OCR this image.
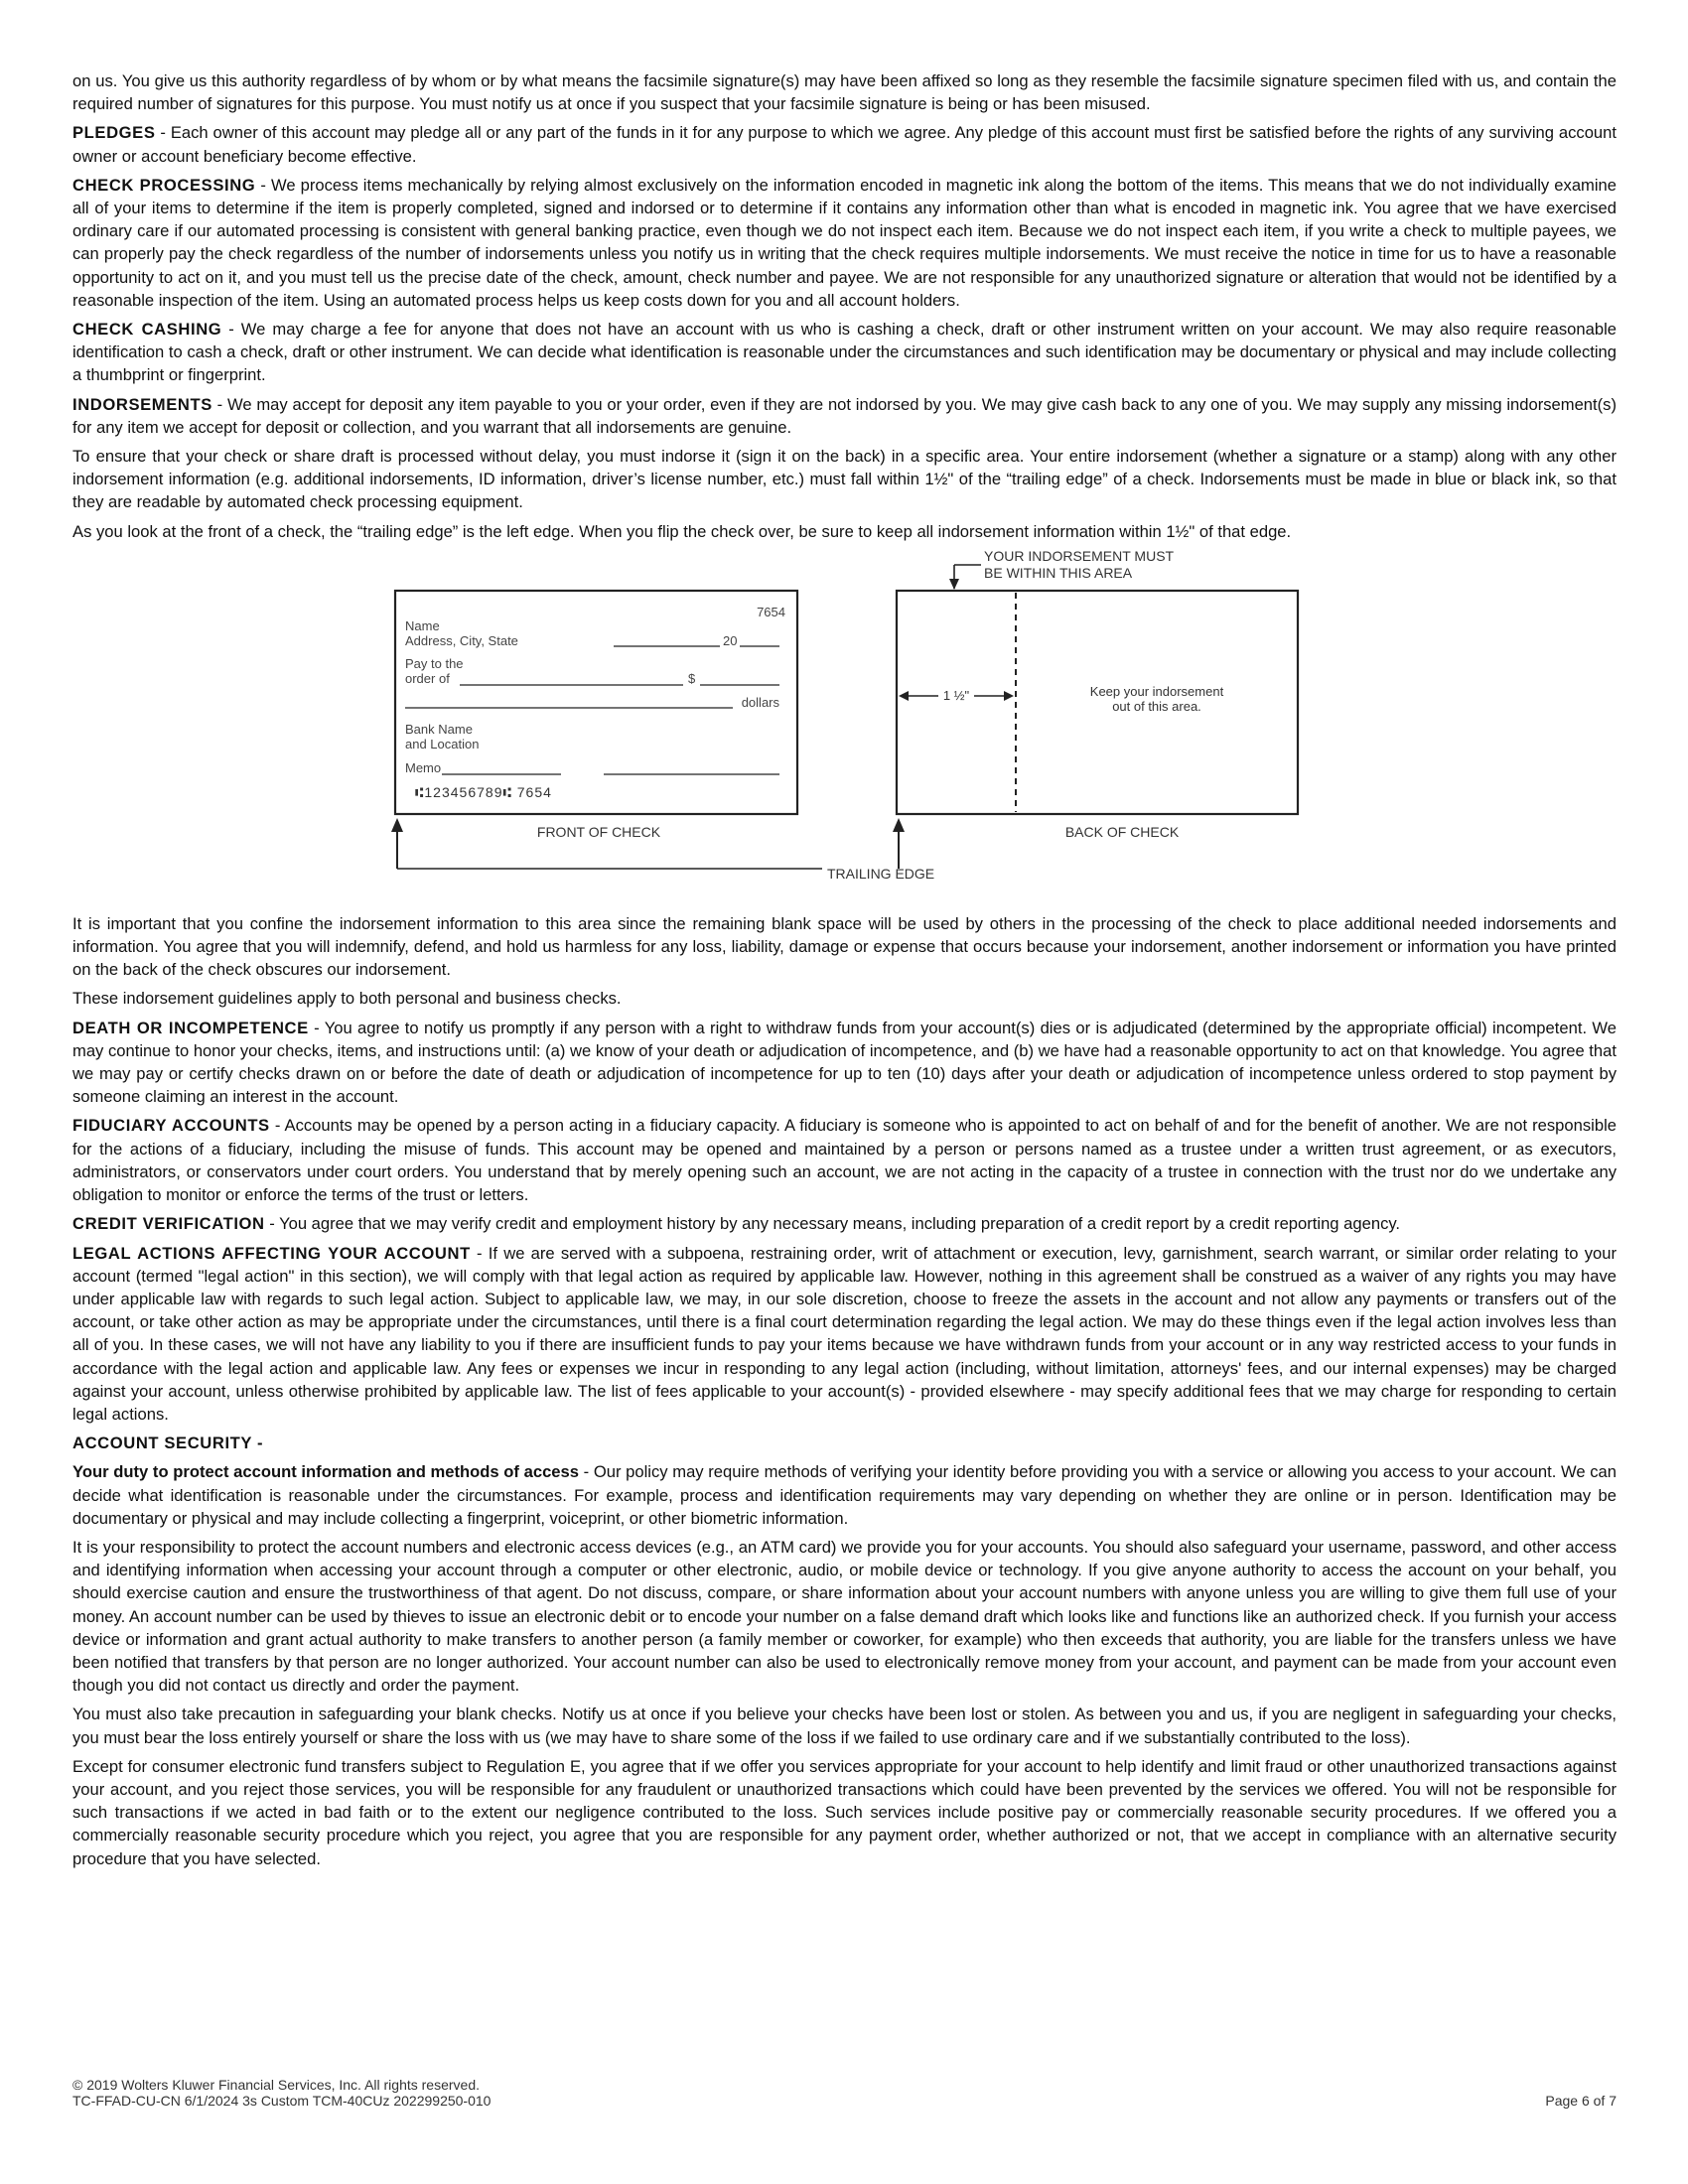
on us. You give us this authority regardless of by whom or by what means the facsimile signature(s) may have been affixed so long as they resemble the facsimile signature specimen filed with us, and contain the required number of signatures for this purpose. You must notify us at once if you suspect that your facsimile signature is being or has been misused.

PLEDGES - Each owner of this account may pledge all or any part of the funds in it for any purpose to which we agree. Any pledge of this account must first be satisfied before the rights of any surviving account owner or account beneficiary become effective.

CHECK PROCESSING - We process items mechanically by relying almost exclusively on the information encoded in magnetic ink along the bottom of the items. This means that we do not individually examine all of your items to determine if the item is properly completed, signed and indorsed or to determine if it contains any information other than what is encoded in magnetic ink. You agree that we have exercised ordinary care if our automated processing is consistent with general banking practice, even though we do not inspect each item. Because we do not inspect each item, if you write a check to multiple payees, we can properly pay the check regardless of the number of indorsements unless you notify us in writing that the check requires multiple indorsements. We must receive the notice in time for us to have a reasonable opportunity to act on it, and you must tell us the precise date of the check, amount, check number and payee. We are not responsible for any unauthorized signature or alteration that would not be identified by a reasonable inspection of the item. Using an automated process helps us keep costs down for you and all account holders.

CHECK CASHING - We may charge a fee for anyone that does not have an account with us who is cashing a check, draft or other instrument written on your account. We may also require reasonable identification to cash a check, draft or other instrument. We can decide what identification is reasonable under the circumstances and such identification may be documentary or physical and may include collecting a thumbprint or fingerprint.

INDORSEMENTS - We may accept for deposit any item payable to you or your order, even if they are not indorsed by you. We may give cash back to any one of you. We may supply any missing indorsement(s) for any item we accept for deposit or collection, and you warrant that all indorsements are genuine.

To ensure that your check or share draft is processed without delay, you must indorse it (sign it on the back) in a specific area. Your entire indorsement (whether a signature or a stamp) along with any other indorsement information (e.g. additional indorsements, ID information, driver’s license number, etc.) must fall within 1½" of the “trailing edge” of a check. Indorsements must be made in blue or black ink, so that they are readable by automated check processing equipment.

As you look at the front of a check, the “trailing edge” is the left edge. When you flip the check over, be sure to keep all indorsement information within 1½" of that edge.

7654
Name
Address, City, State	20
Pay to the
order of	$
dollars
Bank Name
and Location
Memo
⑆123456789⑆ 7654
FRONT OF CHECK
YOUR INDORSEMENT MUST
BE WITHIN THIS AREA
1 ½"	Keep your indorsement
out of this area.
BACK OF CHECK
TRAILING EDGE

It is important that you confine the indorsement information to this area since the remaining blank space will be used by others in the processing of the check to place additional needed indorsements and information. You agree that you will indemnify, defend, and hold us harmless for any loss, liability, damage or expense that occurs because your indorsement, another indorsement or information you have printed on the back of the check obscures our indorsement.

These indorsement guidelines apply to both personal and business checks.

DEATH OR INCOMPETENCE - You agree to notify us promptly if any person with a right to withdraw funds from your account(s) dies or is adjudicated (determined by the appropriate official) incompetent. We may continue to honor your checks, items, and instructions until: (a) we know of your death or adjudication of incompetence, and (b) we have had a reasonable opportunity to act on that knowledge. You agree that we may pay or certify checks drawn on or before the date of death or adjudication of incompetence for up to ten (10) days after your death or adjudication of incompetence unless ordered to stop payment by someone claiming an interest in the account.

FIDUCIARY ACCOUNTS - Accounts may be opened by a person acting in a fiduciary capacity. A fiduciary is someone who is appointed to act on behalf of and for the benefit of another. We are not responsible for the actions of a fiduciary, including the misuse of funds. This account may be opened and maintained by a person or persons named as a trustee under a written trust agreement, or as executors, administrators, or conservators under court orders. You understand that by merely opening such an account, we are not acting in the capacity of a trustee in connection with the trust nor do we undertake any obligation to monitor or enforce the terms of the trust or letters.

CREDIT VERIFICATION - You agree that we may verify credit and employment history by any necessary means, including preparation of a credit report by a credit reporting agency.

LEGAL ACTIONS AFFECTING YOUR ACCOUNT - If we are served with a subpoena, restraining order, writ of attachment or execution, levy, garnishment, search warrant, or similar order relating to your account (termed "legal action" in this section), we will comply with that legal action as required by applicable law. However, nothing in this agreement shall be construed as a waiver of any rights you may have under applicable law with regards to such legal action. Subject to applicable law, we may, in our sole discretion, choose to freeze the assets in the account and not allow any payments or transfers out of the account, or take other action as may be appropriate under the circumstances, until there is a final court determination regarding the legal action. We may do these things even if the legal action involves less than all of you. In these cases, we will not have any liability to you if there are insufficient funds to pay your items because we have withdrawn funds from your account or in any way restricted access to your funds in accordance with the legal action and applicable law. Any fees or expenses we incur in responding to any legal action (including, without limitation, attorneys' fees, and our internal expenses) may be charged against your account, unless otherwise prohibited by applicable law. The list of fees applicable to your account(s) - provided elsewhere - may specify additional fees that we may charge for responding to certain legal actions.

ACCOUNT SECURITY -

Your duty to protect account information and methods of access - Our policy may require methods of verifying your identity before providing you with a service or allowing you access to your account. We can decide what identification is reasonable under the circumstances. For example, process and identification requirements may vary depending on whether they are online or in person. Identification may be documentary or physical and may include collecting a fingerprint, voiceprint, or other biometric information.

It is your responsibility to protect the account numbers and electronic access devices (e.g., an ATM card) we provide you for your accounts. You should also safeguard your username, password, and other access and identifying information when accessing your account through a computer or other electronic, audio, or mobile device or technology. If you give anyone authority to access the account on your behalf, you should exercise caution and ensure the trustworthiness of that agent. Do not discuss, compare, or share information about your account numbers with anyone unless you are willing to give them full use of your money. An account number can be used by thieves to issue an electronic debit or to encode your number on a false demand draft which looks like and functions like an authorized check. If you furnish your access device or information and grant actual authority to make transfers to another person (a family member or coworker, for example) who then exceeds that authority, you are liable for the transfers unless we have been notified that transfers by that person are no longer authorized. Your account number can also be used to electronically remove money from your account, and payment can be made from your account even though you did not contact us directly and order the payment.

You must also take precaution in safeguarding your blank checks. Notify us at once if you believe your checks have been lost or stolen. As between you and us, if you are negligent in safeguarding your checks, you must bear the loss entirely yourself or share the loss with us (we may have to share some of the loss if we failed to use ordinary care and if we substantially contributed to the loss).

Except for consumer electronic fund transfers subject to Regulation E, you agree that if we offer you services appropriate for your account to help identify and limit fraud or other unauthorized transactions against your account, and you reject those services, you will be responsible for any fraudulent or unauthorized transactions which could have been prevented by the services we offered. You will not be responsible for such transactions if we acted in bad faith or to the extent our negligence contributed to the loss. Such services include positive pay or commercially reasonable security procedures. If we offered you a commercially reasonable security procedure which you reject, you agree that you are responsible for any payment order, whether authorized or not, that we accept in compliance with an alternative security procedure that you have selected.

© 2019 Wolters Kluwer Financial Services, Inc. All rights reserved.
TC-FFAD-CU-CN 6/1/2024 3s Custom TCM-40CUz 202299250-010	Page 6 of 7
